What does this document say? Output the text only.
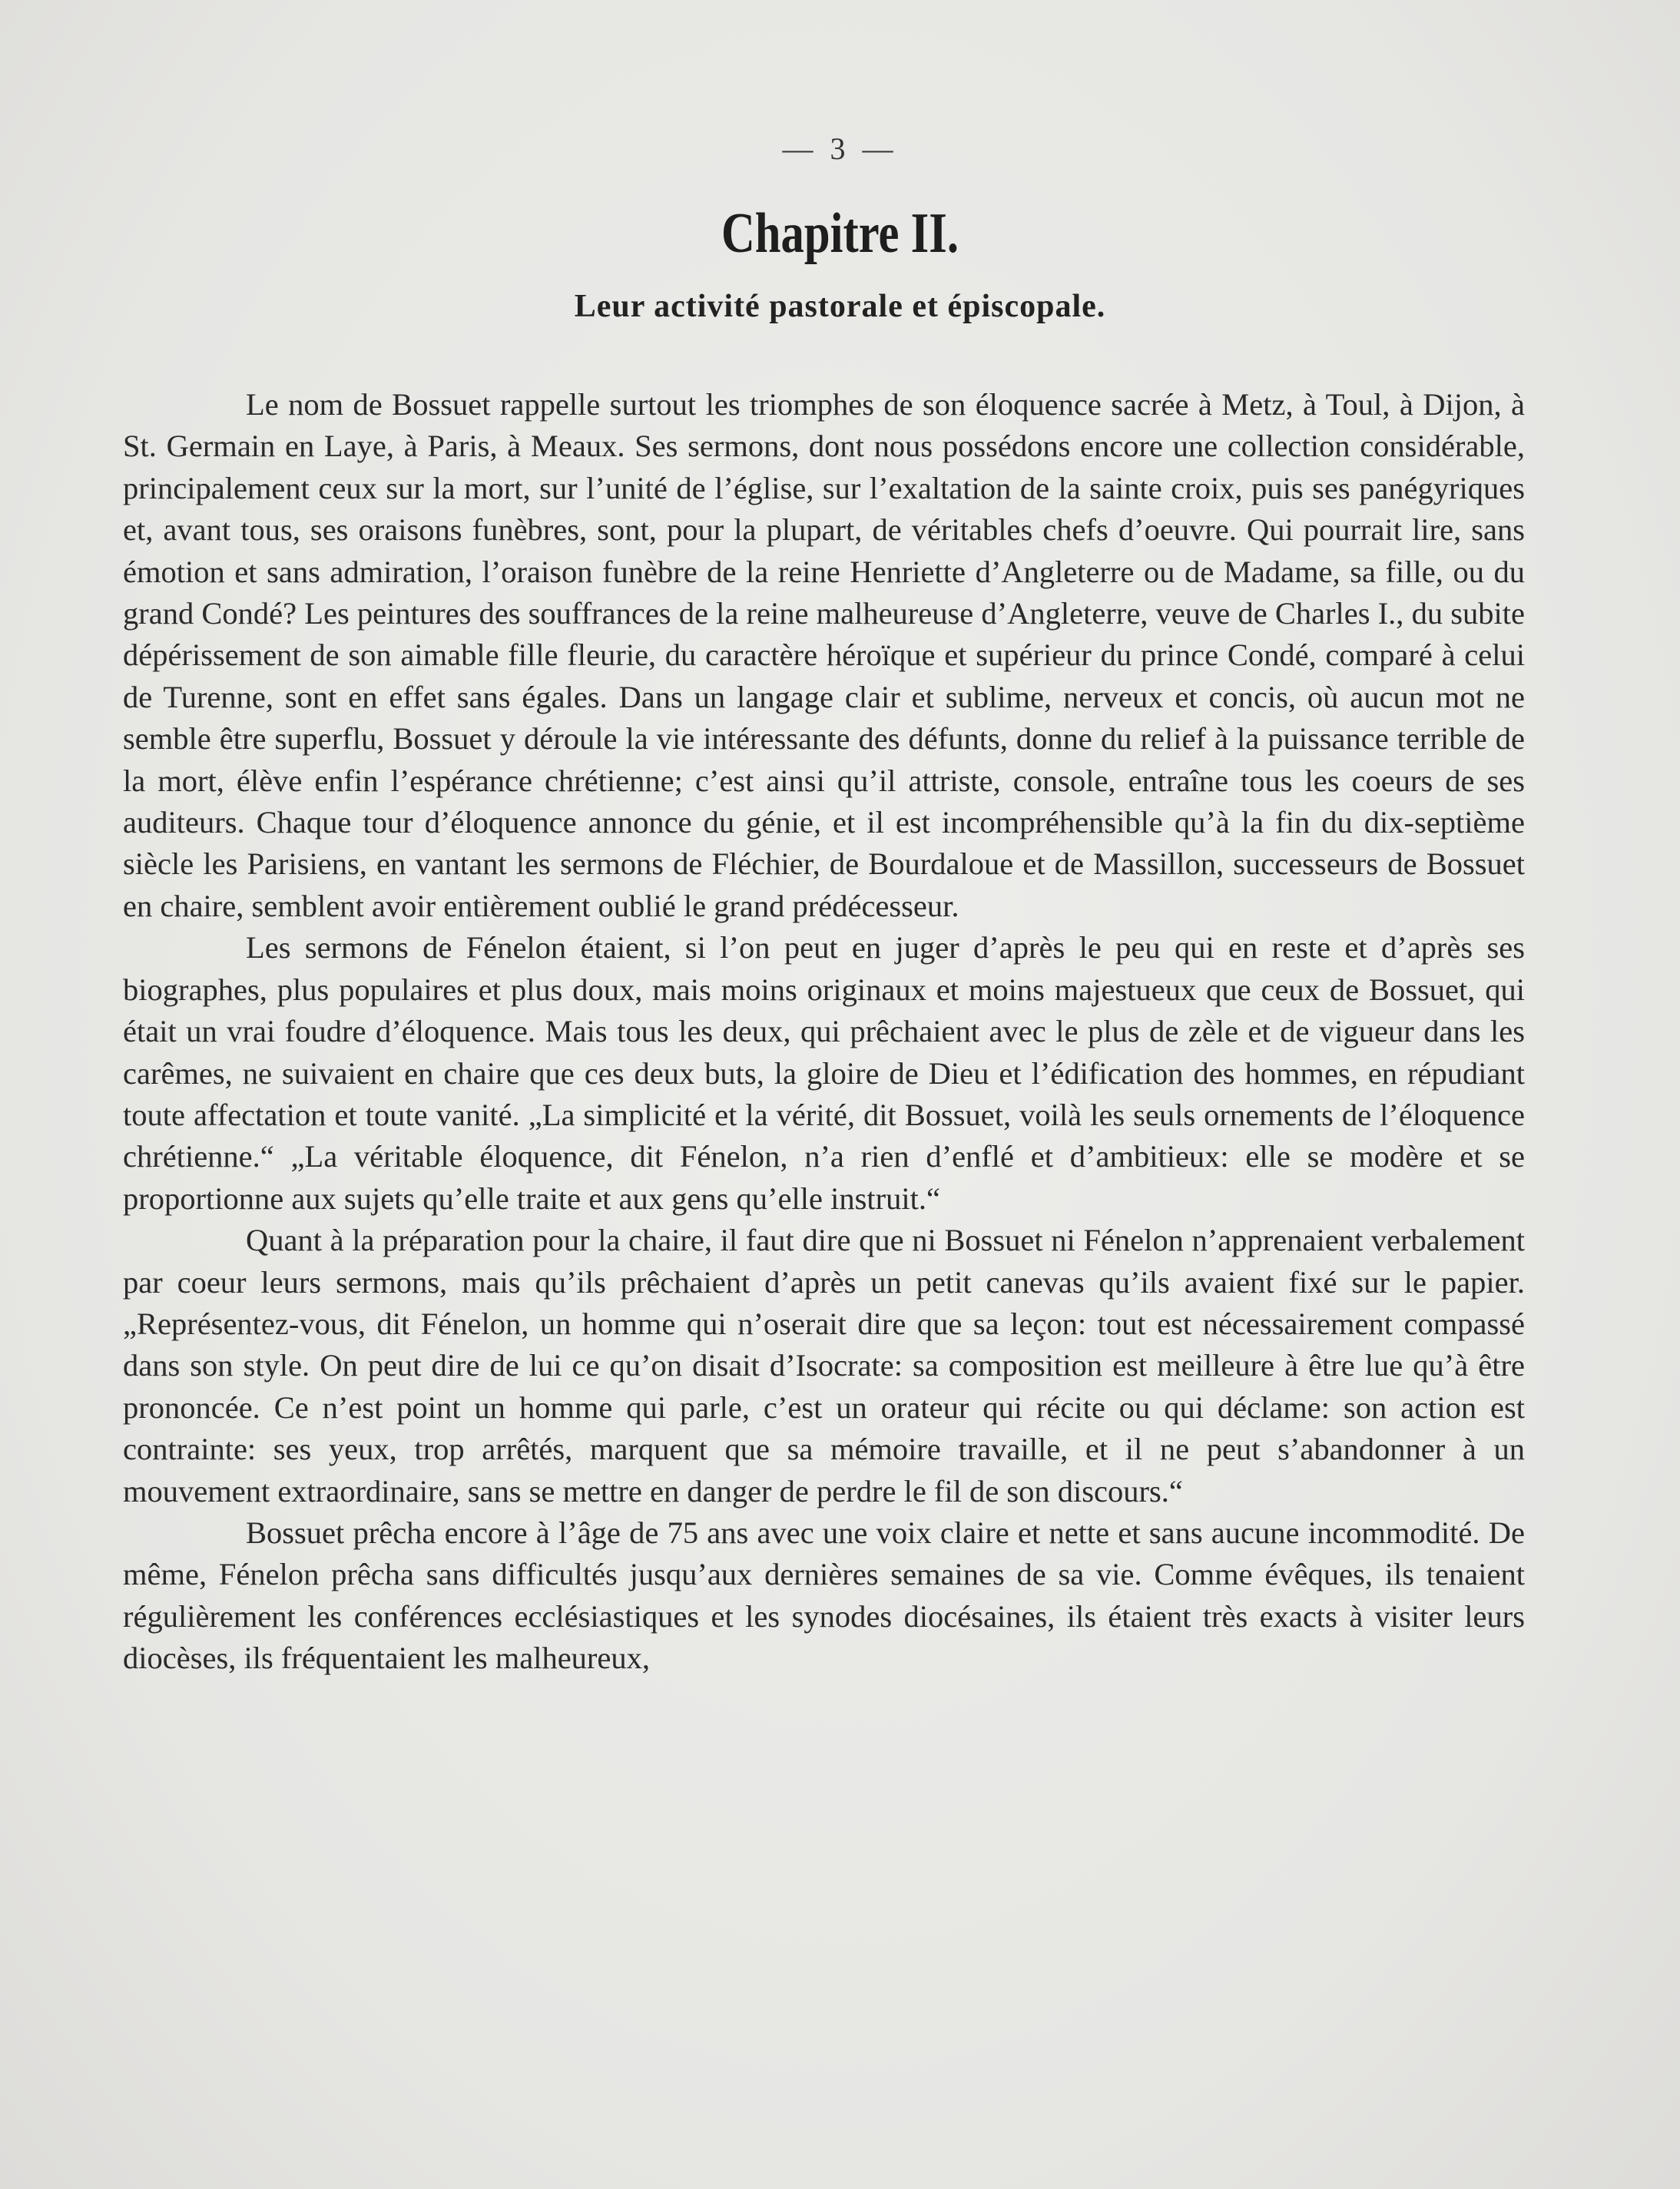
— 3 —
Chapitre II.
Leur activité pastorale et épiscopale.

Le nom de Bossuet rappelle surtout les triomphes de son éloquence sacrée à Metz, à Toul, à Dijon, à St. Germain en Laye, à Paris, à Meaux. Ses sermons, dont nous possédons encore une collection considérable, principalement ceux sur la mort, sur l’unité de l’église, sur l’exaltation de la sainte croix, puis ses panégyriques et, avant tous, ses oraisons funèbres, sont, pour la plupart, de véritables chefs d’oeuvre. Qui pourrait lire, sans émotion et sans admiration, l’oraison funèbre de la reine Henriette d’Angleterre ou de Madame, sa fille, ou du grand Condé? Les peintures des souffrances de la reine malheureuse d’Angleterre, veuve de Charles I., du subite dépérissement de son aimable fille fleurie, du caractère héroïque et supérieur du prince Condé, comparé à celui de Turenne, sont en effet sans égales. Dans un langage clair et sublime, nerveux et concis, où aucun mot ne semble être superflu, Bossuet y déroule la vie intéressante des défunts, donne du relief à la puissance terrible de la mort, élève enfin l’espérance chrétienne; c’est ainsi qu’il attriste, console, entraîne tous les coeurs de ses auditeurs. Chaque tour d’éloquence annonce du génie, et il est incompréhensible qu’à la fin du dix-septième siècle les Parisiens, en vantant les sermons de Fléchier, de Bourdaloue et de Massillon, successeurs de Bossuet en chaire, semblent avoir entièrement oublié le grand prédécesseur.

Les sermons de Fénelon étaient, si l’on peut en juger d’après le peu qui en reste et d’après ses biographes, plus populaires et plus doux, mais moins originaux et moins majestueux que ceux de Bossuet, qui était un vrai foudre d’éloquence. Mais tous les deux, qui prêchaient avec le plus de zèle et de vigueur dans les carêmes, ne suivaient en chaire que ces deux buts, la gloire de Dieu et l’édification des hommes, en répudiant toute affectation et toute vanité. „La simplicité et la vérité, dit Bossuet, voilà les seuls ornements de l’éloquence chrétienne.“ „La véritable éloquence, dit Fénelon, n’a rien d’enflé et d’ambitieux: elle se modère et se proportionne aux sujets qu’elle traite et aux gens qu’elle instruit.“

Quant à la préparation pour la chaire, il faut dire que ni Bossuet ni Fénelon n’apprenaient verbalement par coeur leurs sermons, mais qu’ils prêchaient d’après un petit canevas qu’ils avaient fixé sur le papier. „Représentez-vous, dit Fénelon, un homme qui n’oserait dire que sa leçon: tout est nécessairement compassé dans son style. On peut dire de lui ce qu’on disait d’Isocrate: sa composition est meilleure à être lue qu’à être prononcée. Ce n’est point un homme qui parle, c’est un orateur qui récite ou qui déclame: son action est contrainte: ses yeux, trop arrêtés, marquent que sa mémoire travaille, et il ne peut s’abandonner à un mouvement extraordinaire, sans se mettre en danger de perdre le fil de son discours.“

Bossuet prêcha encore à l’âge de 75 ans avec une voix claire et nette et sans aucune incommodité. De même, Fénelon prêcha sans difficultés jusqu’aux dernières semaines de sa vie. Comme évêques, ils tenaient régulièrement les conférences ecclésiastiques et les synodes diocésaines, ils étaient très exacts à visiter leurs diocèses, ils fréquentaient les malheureux,
